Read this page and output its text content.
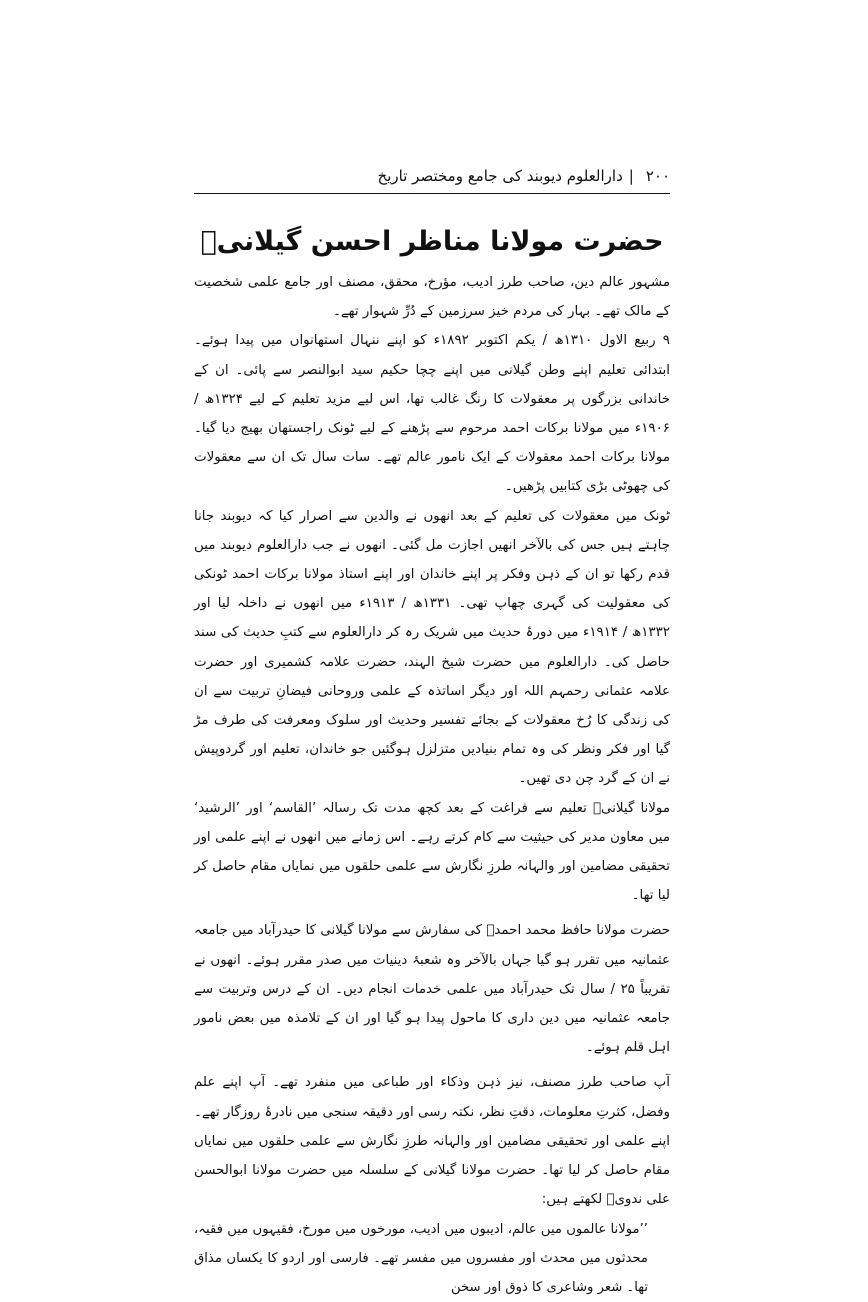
۲۰۰
|
دارالعلوم دیوبند کی جامع ومختصر تاریخ
حضرت مولانا مناظر احسن گیلانیؒ

مشہور عالم دین، صاحب طرز ادیب، مؤرخ، محقق، مصنف اور جامع علمی شخصیت کے مالک تھے۔ بہار کی مردم خیز سرزمین کے دُرِّ شہوار تھے۔

۹ ربیع الاول ۱۳۱۰ھ / یکم اکتوبر ۱۸۹۲ء کو اپنے ننہال استھانواں میں پیدا ہوئے۔ ابتدائی تعلیم اپنے وطن گیلانی میں اپنے چچا حکیم سید ابوالنصر سے پائی۔ ان کے خاندانی بزرگوں پر معقولات کا رنگ غالب تھا، اس لیے مزید تعلیم کے لیے ۱۳۲۴ھ / ۱۹۰۶ء میں مولانا برکات احمد مرحوم سے پڑھنے کے لیے ٹونک راجستھان بھیج دیا گیا۔ مولانا برکات احمد معقولات کے ایک نامور عالم تھے۔ سات سال تک ان سے معقولات کی چھوٹی بڑی کتابیں پڑھیں۔

ٹونک میں معقولات کی تعلیم کے بعد انھوں نے والدین سے اصرار کیا کہ دیوبند جانا چاہتے ہیں جس کی بالآخر انھیں اجازت مل گئی۔ انھوں نے جب دارالعلوم دیوبند میں قدم رکھا تو ان کے ذہن وفکر پر اپنے خاندان اور اپنے استاذ مولانا برکات احمد ٹونکی کی معقولیت کی گہری چھاپ تھی۔ ۱۳۳۱ھ / ۱۹۱۳ء میں انھوں نے داخلہ لیا اور ۱۳۳۲ھ / ۱۹۱۴ء میں دورۂ حدیث میں شریک رہ کر دارالعلوم سے کتبِ حدیث کی سند حاصل کی۔ دارالعلوم میں حضرت شیخ الہند، حضرت علامہ کشمیری اور حضرت علامہ عثمانی رحمہم اللہ اور دیگر اساتذہ کے علمی وروحانی فیضانِ تربیت سے ان کی زندگی کا رُخ معقولات کے بجائے تفسیر وحدیث اور سلوک ومعرفت کی طرف مڑ گیا اور فکر ونظر کی وہ تمام بنیادیں متزلزل ہوگئیں جو خاندان، تعلیم اور گردوپیش نے ان کے گرد چن دی تھیں۔

مولانا گیلانیؒ تعلیم سے فراغت کے بعد کچھ مدت تک رسالہ ’القاسم‘ اور ’الرشید‘ میں معاون مدیر کی حیثیت سے کام کرتے رہے۔ اس زمانے میں انھوں نے اپنے علمی اور تحقیقی مضامین اور والہانہ طرزِ نگارش سے علمی حلقوں میں نمایاں مقام حاصل کر لیا تھا۔

حضرت مولانا حافظ محمد احمدؒ کی سفارش سے مولانا گیلانی کا حیدرآباد میں جامعہ عثمانیہ میں تقرر ہو گیا جہاں بالآخر وہ شعبۂ دینیات میں صدر مقرر ہوئے۔ انھوں نے تقریباً ۲۵ / سال تک حیدرآباد میں علمی خدمات انجام دیں۔ ان کے درس وتربیت سے جامعہ عثمانیہ میں دین داری کا ماحول پیدا ہو گیا اور ان کے تلامذہ میں بعض نامور اہل قلم ہوئے۔

آپ صاحب طرز مصنف، نیز ذہن وذکاء اور طباعی میں منفرد تھے۔ آپ اپنے علم وفضل، کثرتِ معلومات، دقتِ نظر، نکتہ رسی اور دقیقہ سنجی میں نادرۂ روزگار تھے۔ اپنے علمی اور تحقیقی مضامین اور والہانہ طرزِ نگارش سے علمی حلقوں میں نمایاں مقام حاصل کر لیا تھا۔ حضرت مولانا گیلانی کے سلسلہ میں حضرت مولانا ابوالحسن علی ندویؒ لکھتے ہیں:

’’مولانا عالموں میں عالم، ادیبوں میں ادیب، مورخوں میں مورخ، فقیہوں میں فقیہ، محدثوں میں محدث اور مفسروں میں مفسر تھے۔ فارسی اور اردو کا یکساں مذاق تھا۔ شعر وشاعری کا ذوق اور سخن
